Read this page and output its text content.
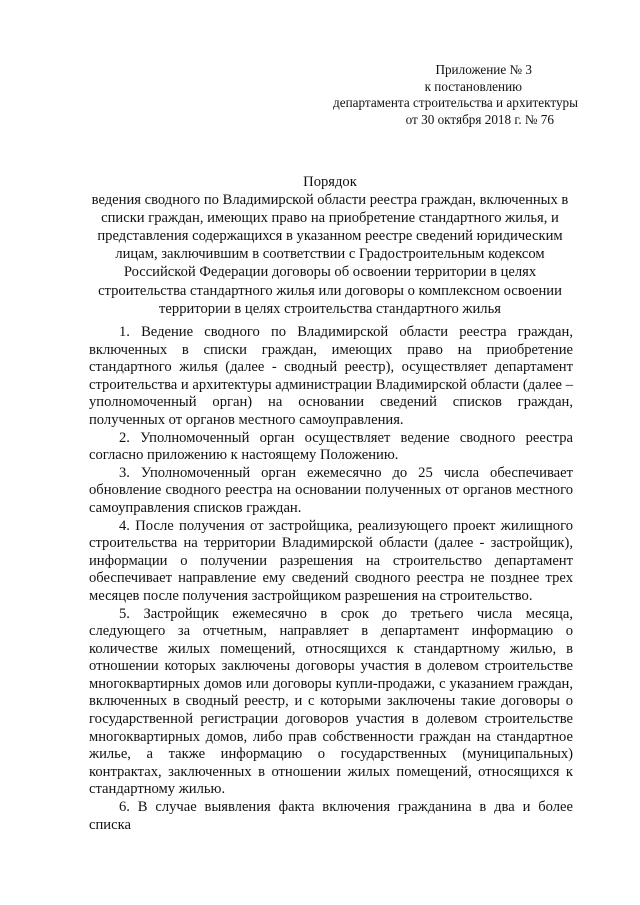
Приложение № 3
к постановлению
департамента строительства и архитектуры
от 30 октября 2018 г. № 76
Порядок
ведения сводного по Владимирской области реестра граждан, включенных в
списки граждан, имеющих право на приобретение стандартного жилья, и
представления содержащихся в указанном реестре сведений юридическим
лицам, заключившим в соответствии с Градостроительным кодексом
Российской Федерации договоры об освоении территории в целях
строительства стандартного жилья или договоры о комплексном освоении
территории в целях строительства стандартного жилья

1. Ведение сводного по Владимирской области реестра граждан, включенных в списки граждан, имеющих право на приобретение стандартного жилья (далее - сводный реестр), осуществляет департамент строительства и архитектуры администрации Владимирской области (далее – уполномоченный орган) на основании сведений списков граждан, полученных от органов местного самоуправления.

2. Уполномоченный орган осуществляет ведение сводного реестра согласно приложению к настоящему Положению.

3. Уполномоченный орган ежемесячно до 25 числа обеспечивает обновление сводного реестра на основании полученных от органов местного самоуправления списков граждан.

4. После получения от застройщика, реализующего проект жилищного строительства на территории Владимирской области (далее - застройщик), информации о получении разрешения на строительство департамент обеспечивает направление ему сведений сводного реестра не позднее трех месяцев после получения застройщиком разрешения на строительство.

5. Застройщик ежемесячно в срок до третьего числа месяца, следующего за отчетным, направляет в департамент информацию о количестве жилых помещений, относящихся к стандартному жилью, в отношении которых заключены договоры участия в долевом строительстве многоквартирных домов или договоры купли-продажи, с указанием граждан, включенных в сводный реестр, и с которыми заключены такие договоры о государственной регистрации договоров участия в долевом строительстве многоквартирных домов, либо прав собственности граждан на стандартное жилье, а также информацию о государственных (муниципальных) контрактах, заключенных в отношении жилых помещений, относящихся к стандартному жилью.

6. В случае выявления факта включения гражданина в два и более списка
